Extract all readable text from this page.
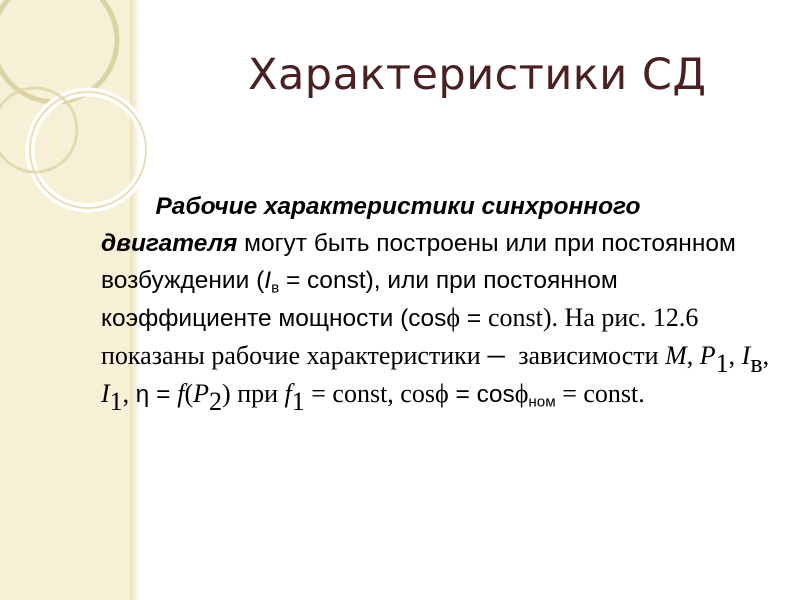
Характеристики СД
Рабочие характеристики синхронного двигателя могут быть построены или при постоянном возбуждении ($I_в$ = const), или при постоянном коэффициенте мощности (cosϕ = const). На рис. 12.6 показаны рабочие характеристики ─  зависимости M, $P_1$, $I_в$, $I_1$, $\eta = f(P_2)$ при $f_1$ = const, cosϕ = cosϕ$_{ном}$ = const.
